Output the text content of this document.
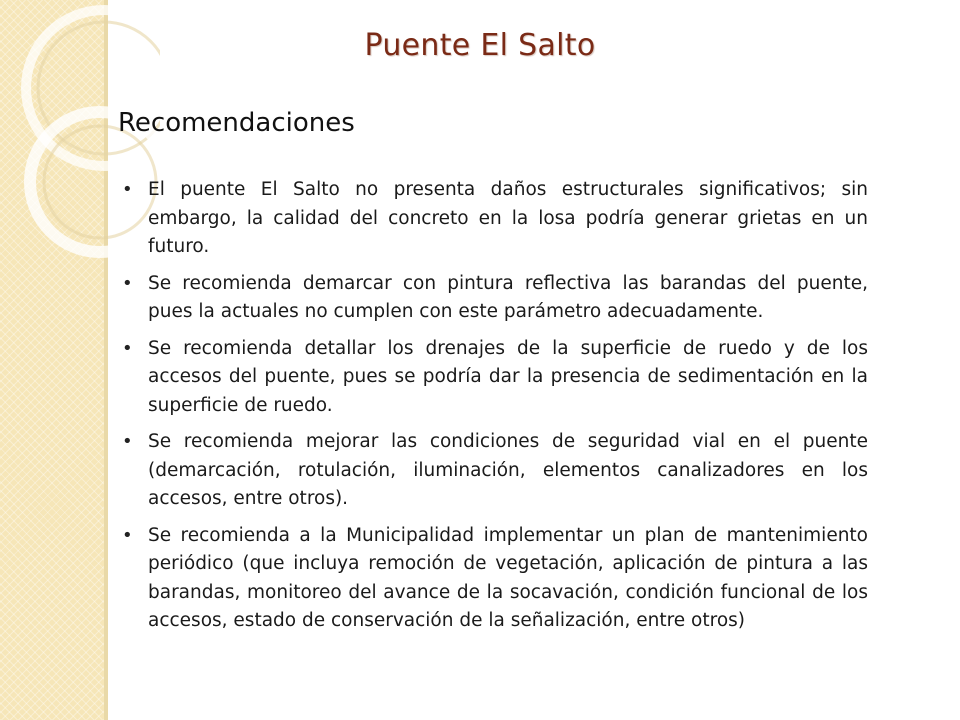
Puente El Salto
Recomendaciones
• El puente El Salto no presenta daños estructurales significativos; sin embargo, la calidad del concreto en la losa podría generar grietas en un futuro.
• Se recomienda demarcar con pintura reflectiva las barandas del puente, pues la actuales no cumplen con este parámetro adecuadamente.
• Se recomienda detallar los drenajes de la superficie de ruedo y de los accesos del puente, pues se podría dar la presencia de sedimentación en la superficie de ruedo.
• Se recomienda mejorar las condiciones de seguridad vial en el puente (demarcación, rotulación, iluminación, elementos canalizadores en los accesos, entre otros).
• Se recomienda a la Municipalidad implementar un plan de mantenimiento periódico (que incluya remoción de vegetación, aplicación de pintura a las barandas, monitoreo del avance de la socavación, condición funcional de los accesos, estado de conservación de la señalización, entre otros)
